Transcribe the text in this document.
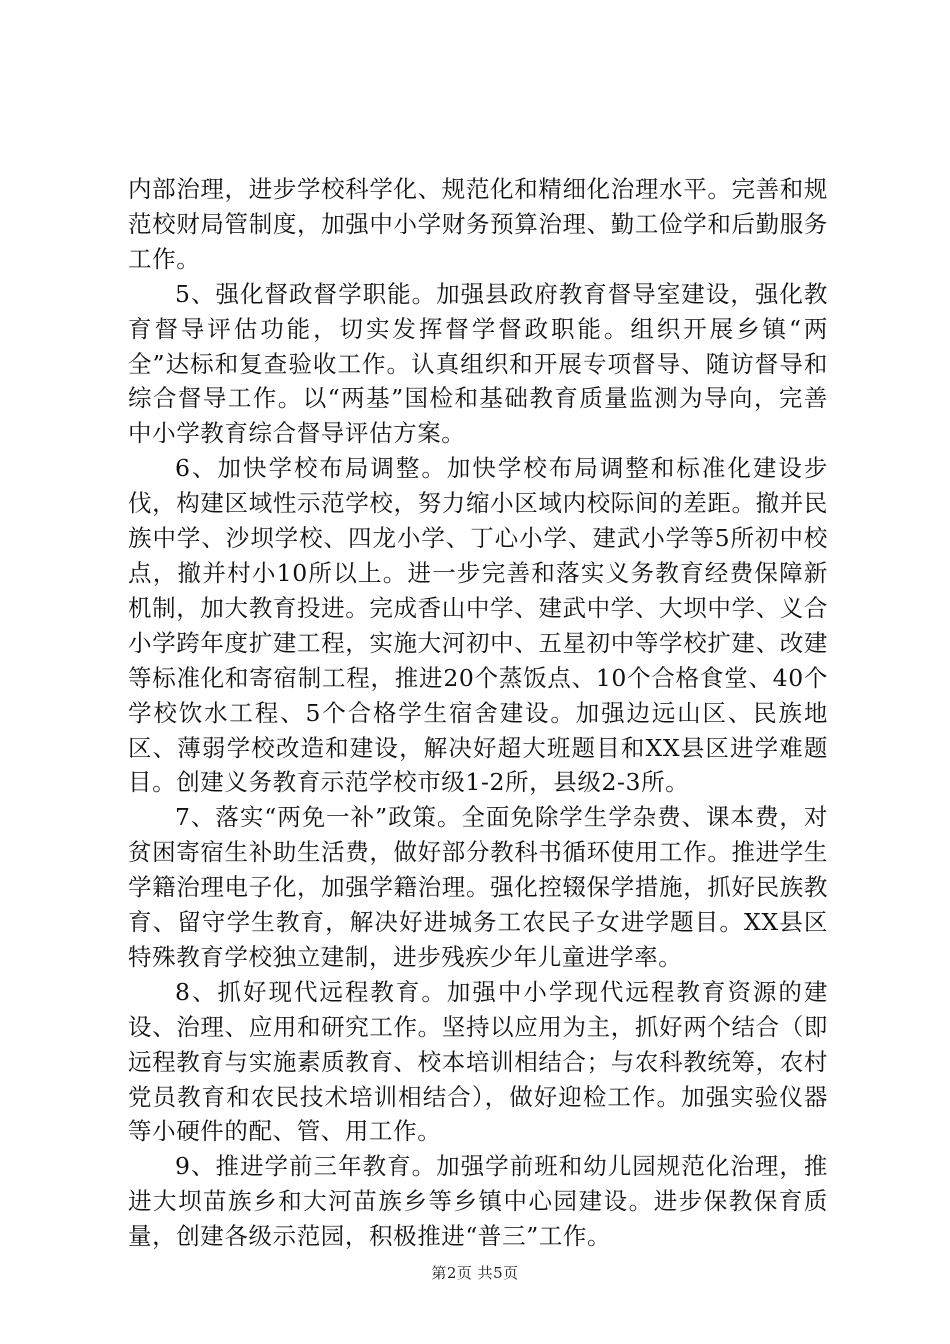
内部治理，进步学校科学化、规范化和精细化治理水平。完善和规范校财局管制度，加强中小学财务预算治理、勤工俭学和后勤服务工作。

5、强化督政督学职能。加强县政府教育督导室建设，强化教育督导评估功能，切实发挥督学督政职能。组织开展乡镇“两全”达标和复查验收工作。认真组织和开展专项督导、随访督导和综合督导工作。以“两基”国检和基础教育质量监测为导向，完善中小学教育综合督导评估方案。

6、加快学校布局调整。加快学校布局调整和标准化建设步伐，构建区域性示范学校，努力缩小区域内校际间的差距。撤并民族中学、沙坝学校、四龙小学、丁心小学、建武小学等5所初中校点，撤并村小10所以上。进一步完善和落实义务教育经费保障新机制，加大教育投进。完成香山中学、建武中学、大坝中学、义合小学跨年度扩建工程，实施大河初中、五星初中等学校扩建、改建等标准化和寄宿制工程，推进20个蒸饭点、10个合格食堂、40个学校饮水工程、5个合格学生宿舍建设。加强边远山区、民族地区、薄弱学校改造和建设，解决好超大班题目和XX县区进学难题目。创建义务教育示范学校市级1-2所，县级2-3所。

7、落实“两免一补”政策。全面免除学生学杂费、课本费，对贫困寄宿生补助生活费，做好部分教科书循环使用工作。推进学生学籍治理电子化，加强学籍治理。强化控辍保学措施，抓好民族教育、留守学生教育，解决好进城务工农民子女进学题目。XX县区特殊教育学校独立建制，进步残疾少年儿童进学率。

8、抓好现代远程教育。加强中小学现代远程教育资源的建设、治理、应用和研究工作。坚持以应用为主，抓好两个结合（即远程教育与实施素质教育、校本培训相结合；与农科教统筹，农村党员教育和农民技术培训相结合），做好迎检工作。加强实验仪器等小硬件的配、管、用工作。

9、推进学前三年教育。加强学前班和幼儿园规范化治理，推进大坝苗族乡和大河苗族乡等乡镇中心园建设。进步保教保育质量，创建各级示范园，积极推进“普三”工作。

第2页 共5页
